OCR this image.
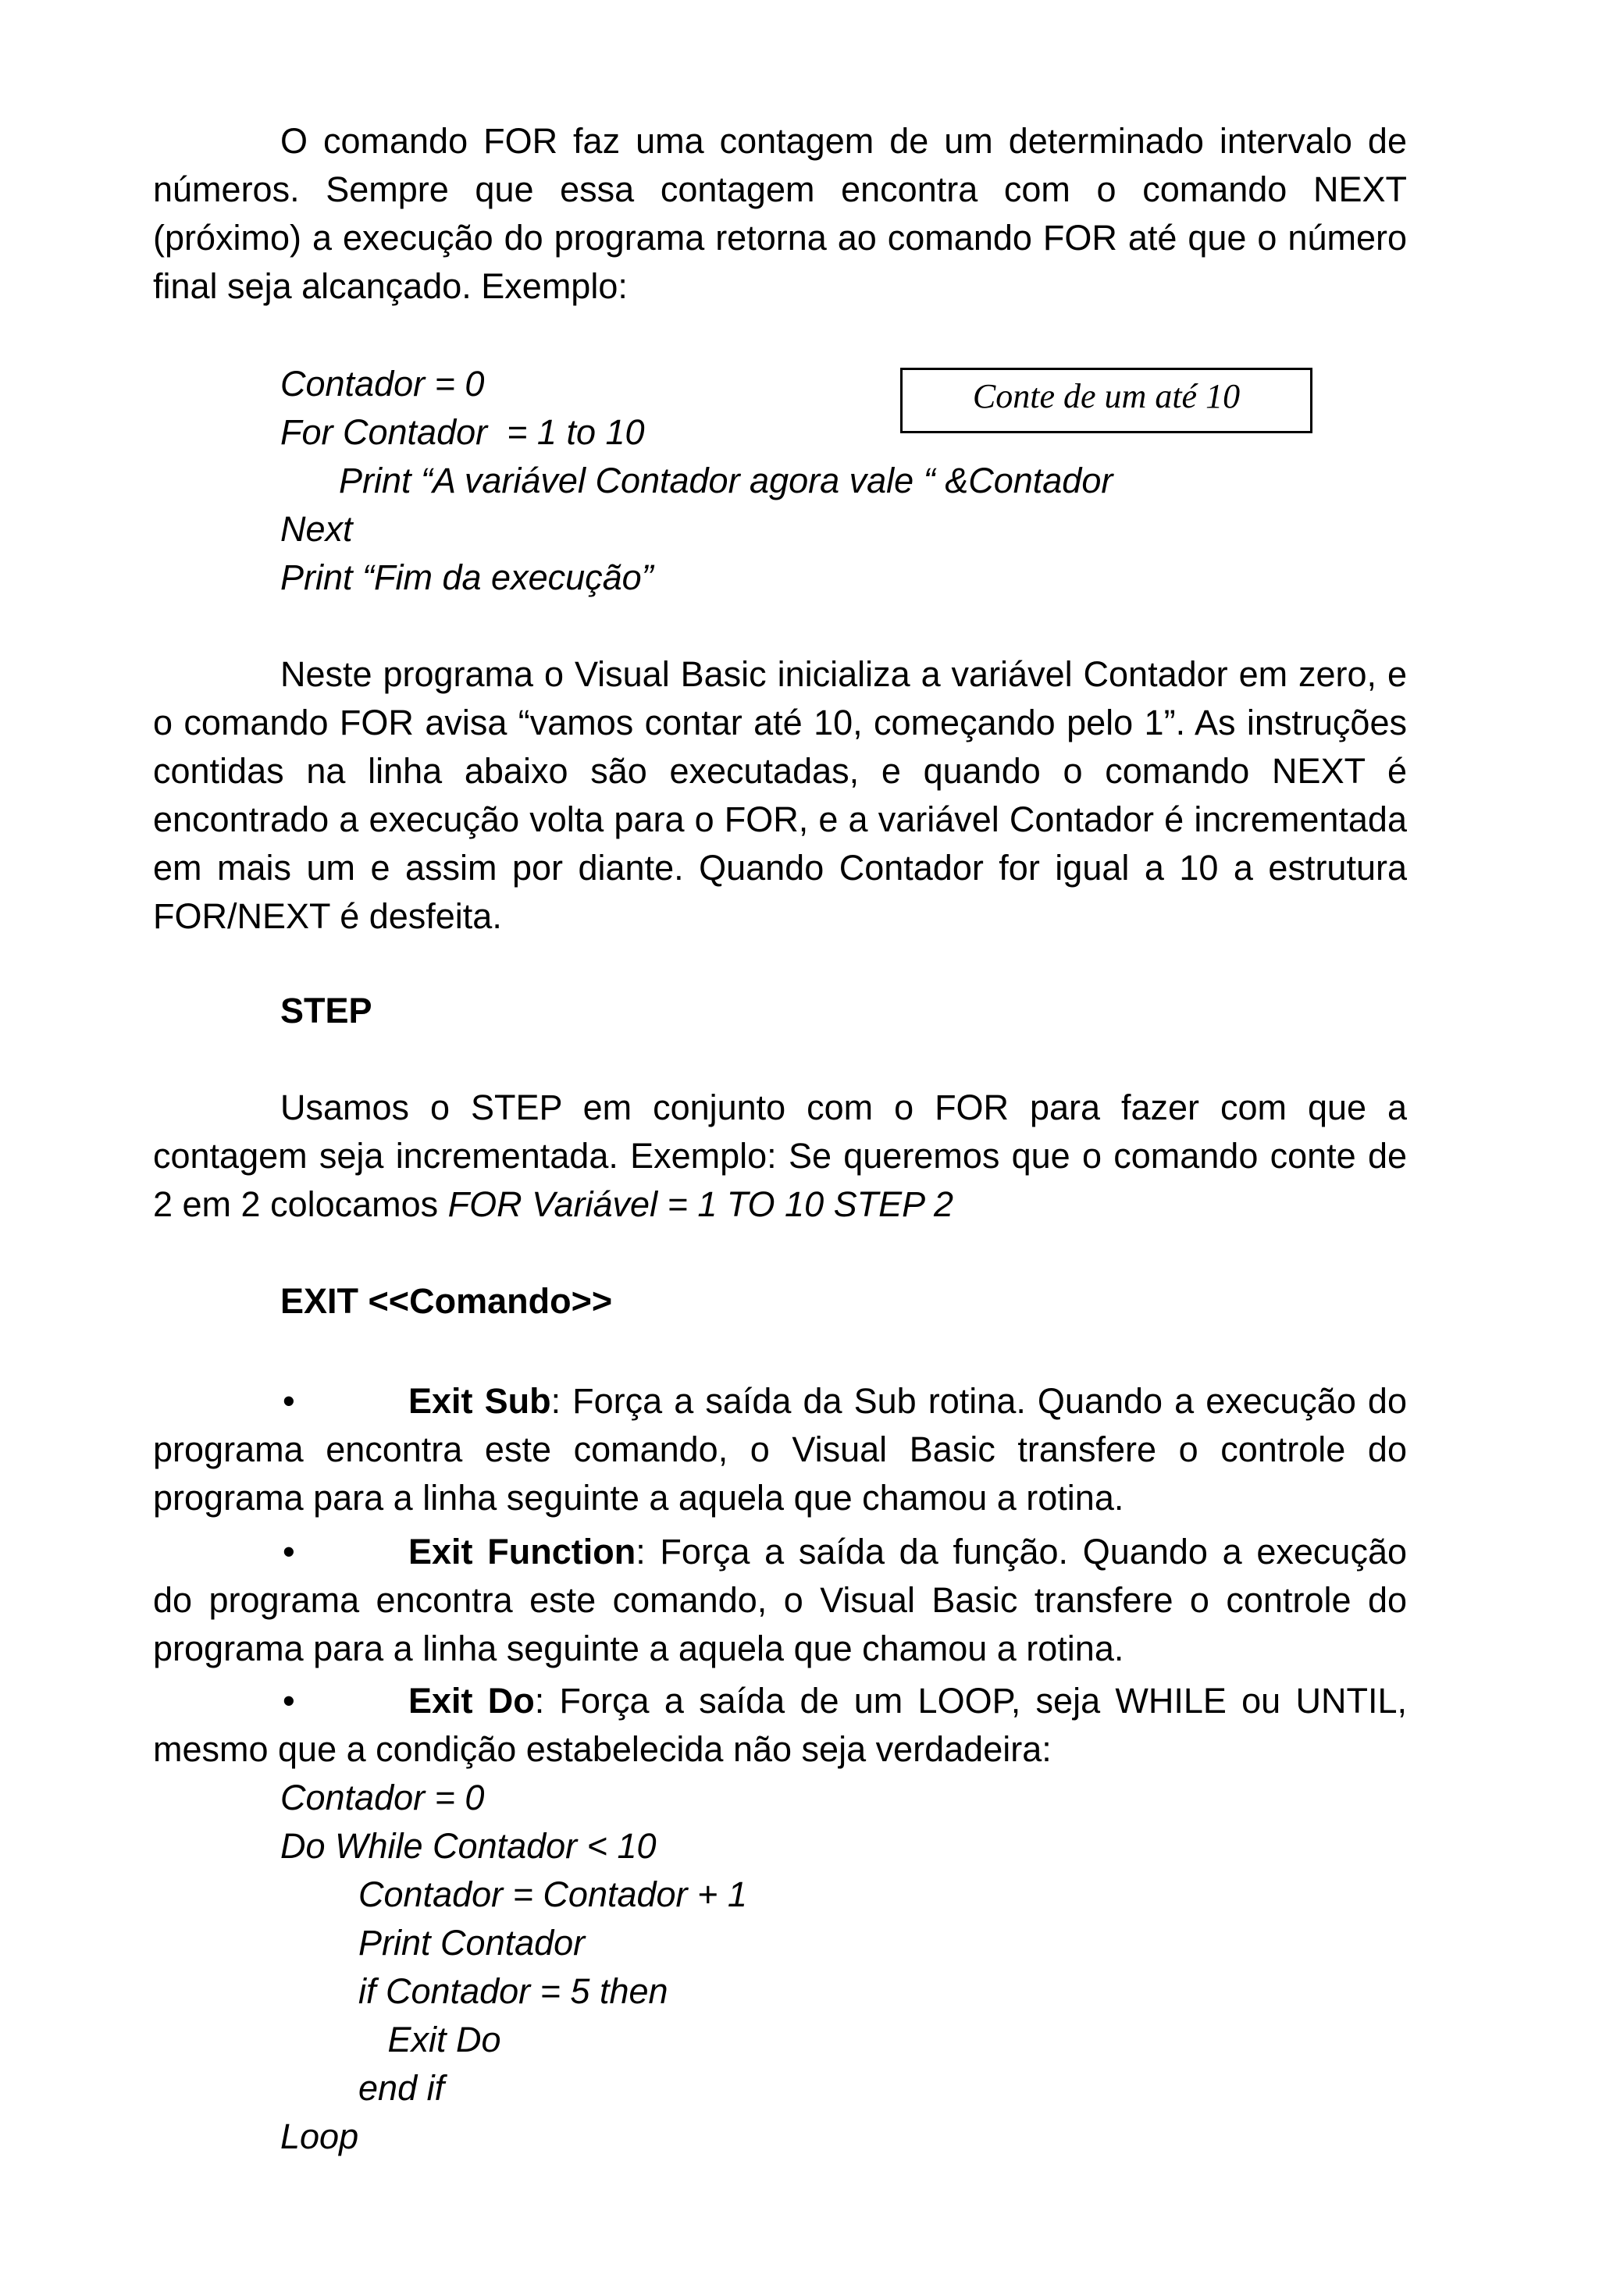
O comando FOR faz uma contagem de um determinado intervalo de números. Sempre que essa contagem encontra com o comando NEXT (próximo) a execução do programa retorna ao comando FOR até que o número final seja alcançado. Exemplo:

Contador = 0
For Contador  = 1 to 10
Print “A variável Contador agora vale “ &Contador
Next
Print “Fim da execução”
Conte de um até 10

Neste programa o Visual Basic inicializa a variável Contador em zero, e o comando FOR avisa “vamos contar até 10, começando pelo 1”. As instruções contidas na linha abaixo são executadas, e quando o comando NEXT é encontrado a execução volta para o FOR, e a variável Contador é incrementada em mais um e assim por diante. Quando Contador for igual a 10 a estrutura FOR/NEXT é desfeita.

STEP

Usamos o STEP em conjunto com o FOR para fazer com que a contagem seja incrementada. Exemplo: Se queremos que o comando conte de 2 em 2 colocamos FOR Variável = 1 TO 10 STEP 2

EXIT <<Comando>>
•	Exit Sub: Força a saída da Sub rotina. Quando a execução do programa encontra este comando, o Visual Basic transfere o controle do programa para a linha seguinte a aquela que chamou a rotina.

•	Exit Function: Força a saída da função. Quando a execução do programa encontra este comando, o Visual Basic transfere o controle do programa para a linha seguinte a aquela que chamou a rotina.

•	Exit Do: Força a saída de um LOOP, seja WHILE ou UNTIL, mesmo que a condição estabelecida não seja verdadeira:

Contador = 0
Do While Contador < 10
Contador = Contador + 1
Print Contador
if Contador = 5 then
Exit Do
end if
Loop
